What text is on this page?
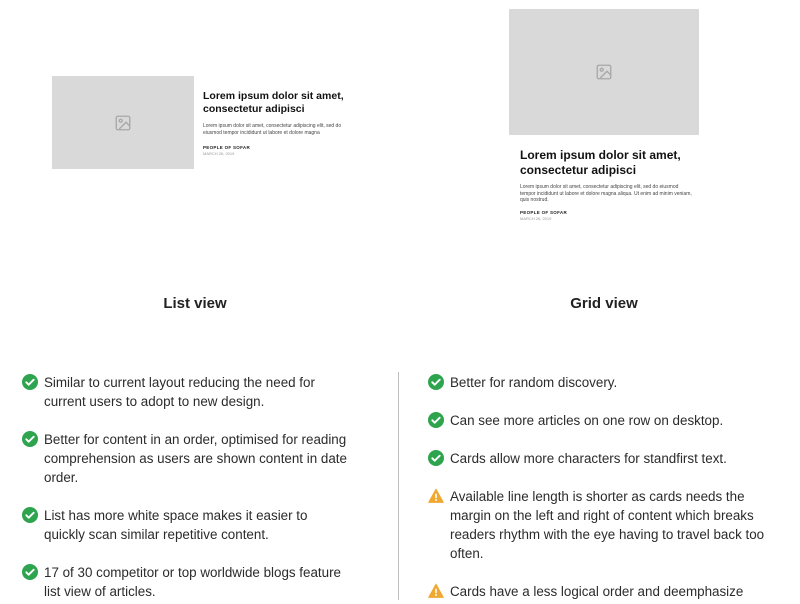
Lorem ipsum dolor sit amet, consectetur adipisci
Lorem ipsum dolor sit amet, consectetur adipiscing elit, sed do eiusmod tempor incididunt ut labore et dolore magna
PEOPLE OF SOFAR
MARCH 26, 2019	Lorem ipsum dolor sit amet, consectetur adipisci
Lorem ipsum dolor sit amet, consectetur adipiscing elit, sed do eiusmod tempor incididunt ut labore et dolore magna aliqua. Ut enim ad minim veniam, quis nostrud.
PEOPLE OF SOFAR
MARCH 26, 2019
List view	Grid view
Similar to current layout reducing the need for current users to adopt to new design.
Better for content in an order, optimised for reading comprehension as users are shown content in date order.
List has more white space makes it easier to quickly scan similar repetitive content.
17 of 30 competitor or top worldwide blogs feature list view of articles.
Better for random discovery.
Can see more articles on one row on desktop.
Cards allow more characters for standfirst text.
Available line length is shorter as cards needs the margin on the left and right of content which breaks readers rhythm with the eye having to travel back too often.
Cards have a less logical order and deemphasize
